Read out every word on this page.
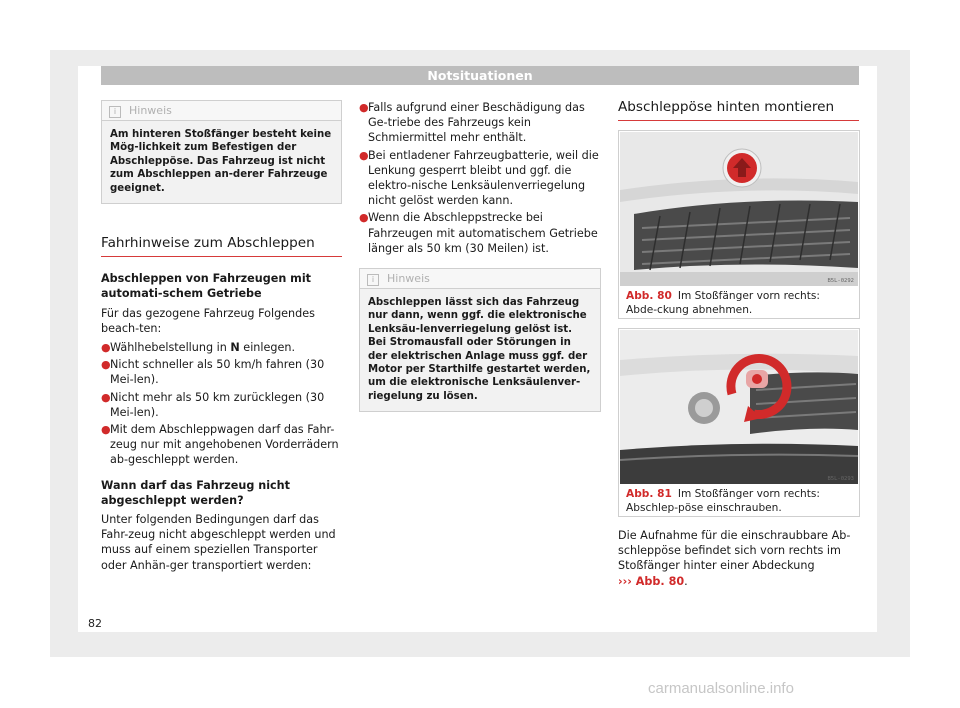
Notsituationen
i Hinweis
Am hinteren Stoßfänger besteht keine Mög-lichkeit zum Befestigen der Abschleppöse. Das Fahrzeug ist nicht zum Abschleppen an-derer Fahrzeuge geeignet.
Fahrhinweise zum Abschleppen

Abschleppen von Fahrzeugen mit automati-schem Getriebe

Für das gezogene Fahrzeug Folgendes beach-ten:

● Wählhebelstellung in N einlegen.
● Nicht schneller als 50 km/h fahren (30 Mei-len).
● Nicht mehr als 50 km zurücklegen (30 Mei-len).
● Mit dem Abschleppwagen darf das Fahr-zeug nur mit angehobenen Vorderrädern ab-geschleppt werden.

Wann darf das Fahrzeug nicht abgeschleppt werden?

Unter folgenden Bedingungen darf das Fahr-zeug nicht abgeschleppt werden und muss auf einem speziellen Transporter oder Anhän-ger transportiert werden:

● Falls aufgrund einer Beschädigung das Ge-triebe des Fahrzeugs kein Schmiermittel mehr enthält.
● Bei entladener Fahrzeugbatterie, weil die Lenkung gesperrt bleibt und ggf. die elektro-nische Lenksäulenverriegelung nicht gelöst werden kann.
● Wenn die Abschleppstrecke bei Fahrzeugen mit automatischem Getriebe länger als 50 km (30 Meilen) ist.
i Hinweis
Abschleppen lässt sich das Fahrzeug nur dann, wenn ggf. die elektronische Lenksäu-lenverriegelung gelöst ist. Bei Stromausfall oder Störungen in der elektrischen Anlage muss ggf. der Motor per Starthilfe gestartet werden, um die elektronische Lenksäulenver-riegelung zu lösen.
Abschleppöse hinten montieren
B5L-0292
Abb. 80 Im Stoßfänger vorn rechts: Abde-ckung abnehmen.
B5L-0293
Abb. 81 Im Stoßfänger vorn rechts: Abschlep-pöse einschrauben.

Die Aufnahme für die einschraubbare Ab-schleppöse befindet sich vorn rechts im Stoßfänger hinter einer Abdeckung
››› Abb. 80.

82
carmanualsonline.info
